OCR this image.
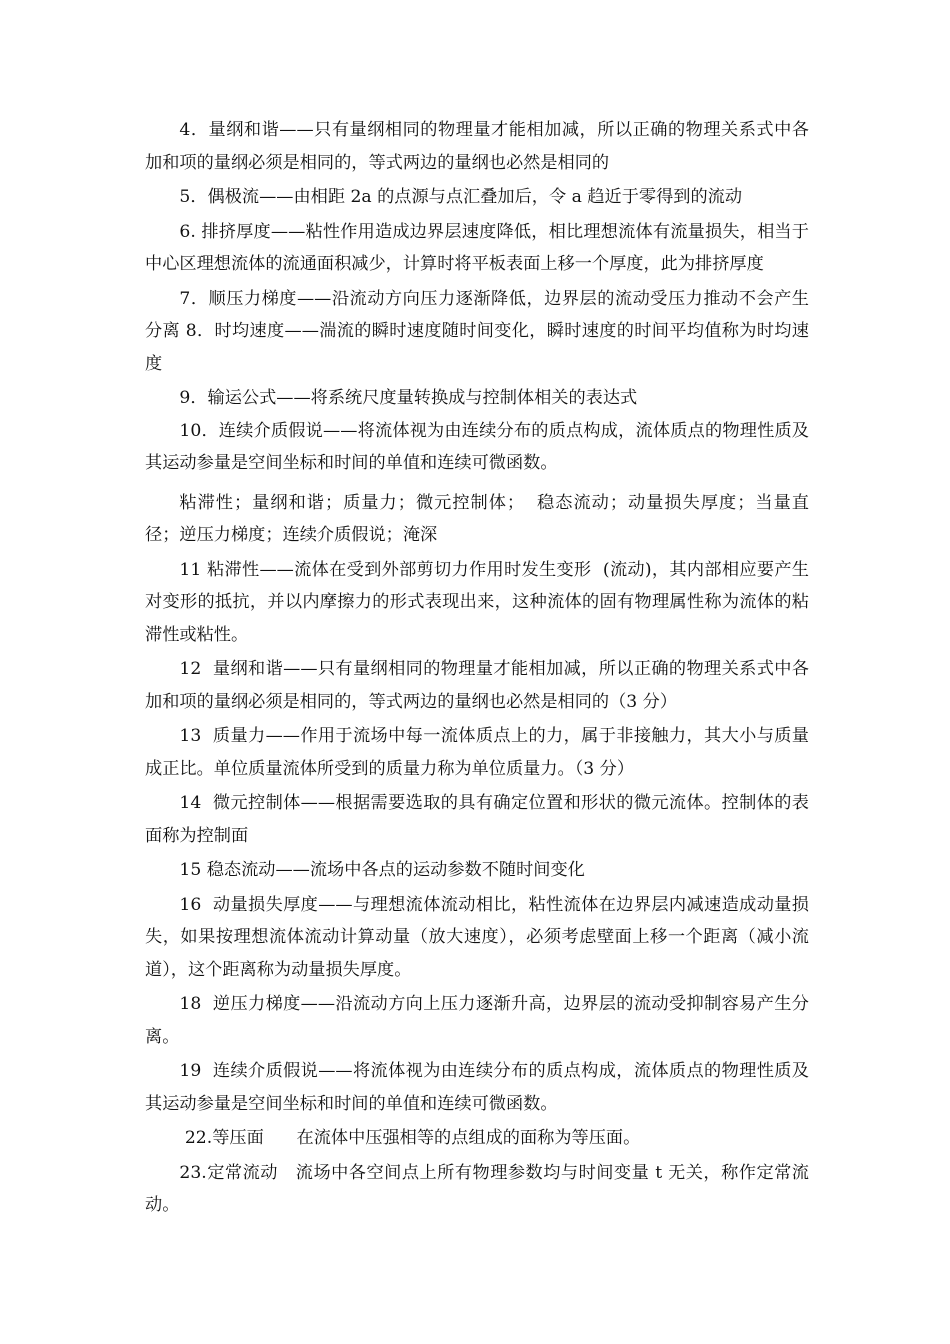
4．量纲和谐——只有量纲相同的物理量才能相加减，所以正确的物理关系式中各加和项的量纲必须是相同的，等式两边的量纲也必然是相同的

5．偶极流——由相距 2a 的点源与点汇叠加后，令 a 趋近于零得到的流动

6. 排挤厚度——粘性作用造成边界层速度降低，相比理想流体有流量损失，相当于中心区理想流体的流通面积减少，计算时将平板表面上移一个厚度，此为排挤厚度

7．顺压力梯度——沿流动方向压力逐渐降低，边界层的流动受压力推动不会产生分离 8．时均速度——湍流的瞬时速度随时间变化，瞬时速度的时间平均值称为时均速度

9．输运公式——将系统尺度量转换成与控制体相关的表达式

10．连续介质假说——将流体视为由连续分布的质点构成，流体质点的物理性质及其运动参量是空间坐标和时间的单值和连续可微函数。

粘滞性；量纲和谐；质量力；微元控制体；  稳态流动；动量损失厚度；当量直径；逆压力梯度；连续介质假说；淹深

11 粘滞性——流体在受到外部剪切力作用时发生变形  (流动)，其内部相应要产生对变形的抵抗，并以内摩擦力的形式表现出来，这种流体的固有物理属性称为流体的粘滞性或粘性。

12  量纲和谐——只有量纲相同的物理量才能相加减，所以正确的物理关系式中各加和项的量纲必须是相同的，等式两边的量纲也必然是相同的（3 分）

13  质量力——作用于流场中每一流体质点上的力，属于非接触力，其大小与质量成正比。单位质量流体所受到的质量力称为单位质量力。（3 分）

14  微元控制体——根据需要选取的具有确定位置和形状的微元流体。控制体的表面称为控制面

15 稳态流动——流场中各点的运动参数不随时间变化

16  动量损失厚度——与理想流体流动相比，粘性流体在边界层内减速造成动量损失，如果按理想流体流动计算动量（放大速度），必须考虑壁面上移一个距离（减小流道），这个距离称为动量损失厚度。

18  逆压力梯度——沿流动方向上压力逐渐升高，边界层的流动受抑制容易产生分离。

19  连续介质假说——将流体视为由连续分布的质点构成，流体质点的物理性质及其运动参量是空间坐标和时间的单值和连续可微函数。

22.等压面      在流体中压强相等的点组成的面称为等压面。

23.定常流动   流场中各空间点上所有物理参数均与时间变量 t 无关，称作定常流动。
